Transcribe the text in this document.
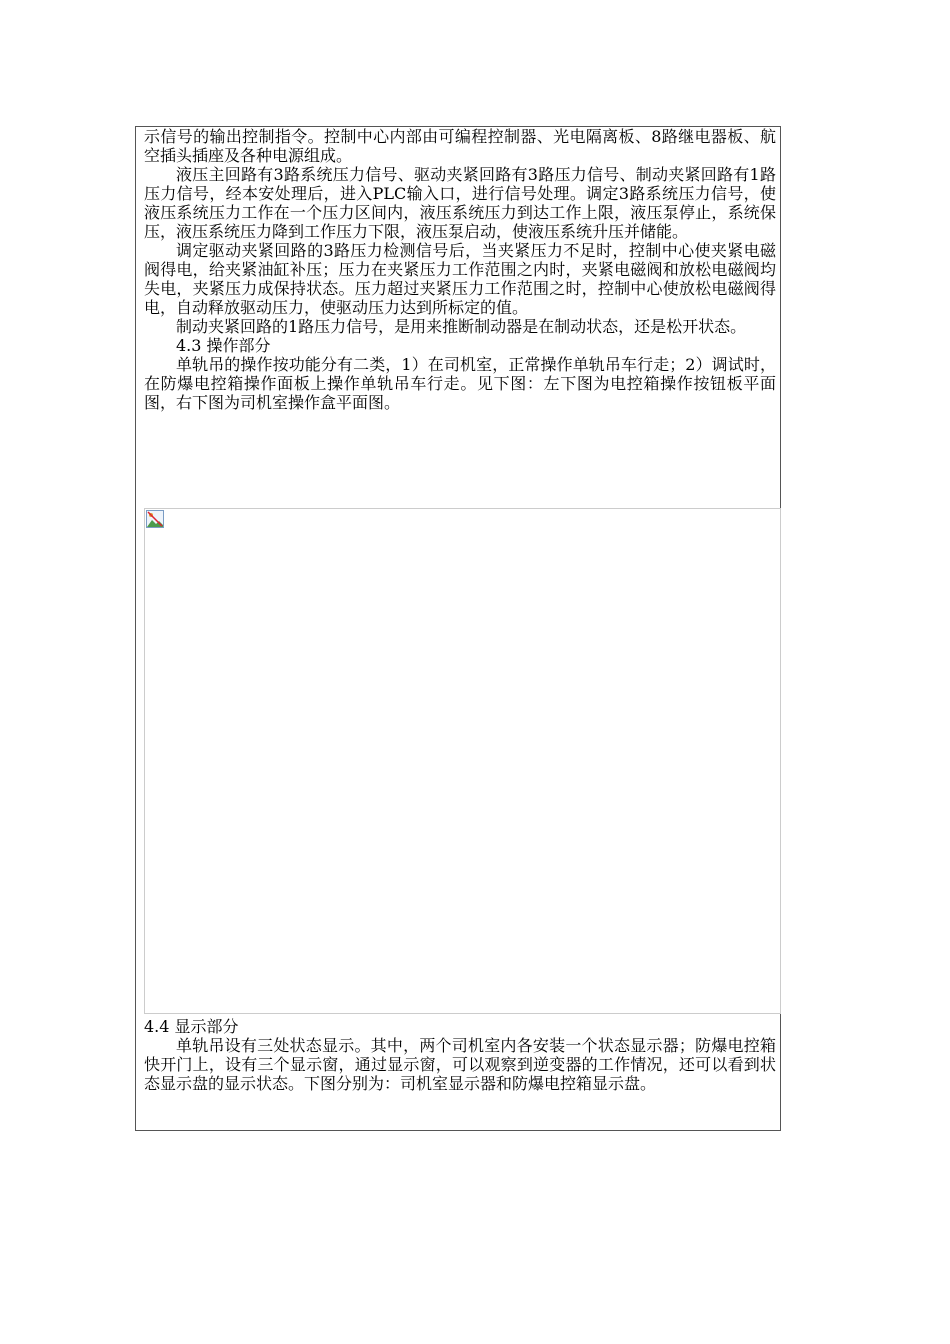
示信号的输出控制指令。控制中心内部由可编程控制器、光电隔离板、8路继电器板、航空插头插座及各种电源组成。

液压主回路有3路系统压力信号、驱动夹紧回路有3路压力信号、制动夹紧回路有1路压力信号，经本安处理后，进入PLC输入口，进行信号处理。调定3路系统压力信号，使液压系统压力工作在一个压力区间内，液压系统压力到达工作上限，液压泵停止，系统保压，液压系统压力降到工作压力下限，液压泵启动，使液压系统升压并储能。

调定驱动夹紧回路的3路压力检测信号后，当夹紧压力不足时，控制中心使夹紧电磁阀得电，给夹紧油缸补压；压力在夹紧压力工作范围之内时，夹紧电磁阀和放松电磁阀均失电，夹紧压力成保持状态。压力超过夹紧压力工作范围之时，控制中心使放松电磁阀得电，自动释放驱动压力，使驱动压力达到所标定的值。

制动夹紧回路的1路压力信号，是用来推断制动器是在制动状态，还是松开状态。

4.3 操作部分

单轨吊的操作按功能分有二类，1）在司机室，正常操作单轨吊车行走；2）调试时，在防爆电控箱操作面板上操作单轨吊车行走。见下图：左下图为电控箱操作按钮板平面图，右下图为司机室操作盒平面图。

4.4 显示部分

单轨吊设有三处状态显示。其中，两个司机室内各安装一个状态显示器；防爆电控箱快开门上，设有三个显示窗，通过显示窗，可以观察到逆变器的工作情况，还可以看到状态显示盘的显示状态。下图分别为：司机室显示器和防爆电控箱显示盘。
